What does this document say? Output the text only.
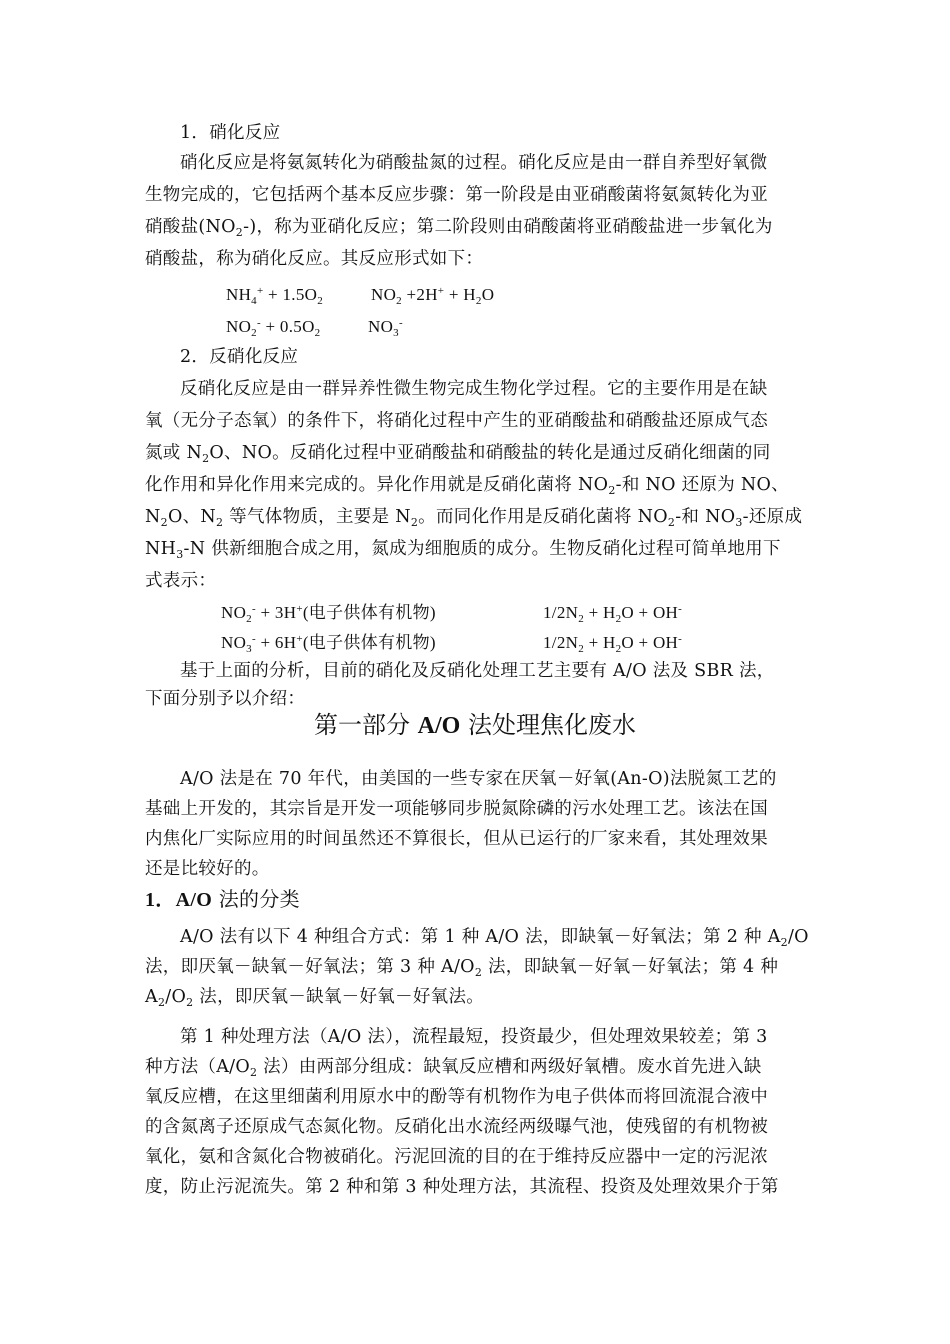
1．硝化反应
硝化反应是将氨氮转化为硝酸盐氮的过程。硝化反应是由一群自养型好氧微
生物完成的，它包括两个基本反应步骤：第一阶段是由亚硝酸菌将氨氮转化为亚
硝酸盐$(NO_2-)$，称为亚硝化反应；第二阶段则由硝酸菌将亚硝酸盐进一步氧化为
硝酸盐，称为硝化反应。其反应形式如下：
$NH_4^+ + 1.5O_2$	$NO_2 +2H^+ + H_2O$
$NO_2^- + 0.5O_2$	$NO_3^-$
2．反硝化反应
反硝化反应是由一群异养性微生物完成生物化学过程。它的主要作用是在缺
氧（无分子态氧）的条件下，将硝化过程中产生的亚硝酸盐和硝酸盐还原成气态
氮或 $N_2O$、NO。反硝化过程中亚硝酸盐和硝酸盐的转化是通过反硝化细菌的同
化作用和异化作用来完成的。异化作用就是反硝化菌将 $NO_2-$和 NO 还原为 NO、
$N_2O$、$N_2$ 等气体物质，主要是 $N_2$。而同化作用是反硝化菌将 $NO_2-$和 $NO_3-$还原成
$NH_3-N$ 供新细胞合成之用，氮成为细胞质的成分。生物反硝化过程可简单地用下
式表示：
$NO_2^- + 3H^+$(电子供体有机物)	$1/2N_2 + H_2O + OH^-$
$NO_3^- + 6H^+$(电子供体有机物)	$1/2N_2 + H_2O + OH^-$
基于上面的分析，目前的硝化及反硝化处理工艺主要有 A/O 法及 SBR 法，
下面分别予以介绍：
第一部分 A/O 法处理焦化废水
A/O 法是在 70 年代，由美国的一些专家在厌氧－好氧(An-O)法脱氮工艺的
基础上开发的，其宗旨是开发一项能够同步脱氮除磷的污水处理工艺。该法在国
内焦化厂实际应用的时间虽然还不算很长，但从已运行的厂家来看，其处理效果
还是比较好的。
1．A/O 法的分类
A/O 法有以下 4 种组合方式：第 1 种 A/O 法，即缺氧－好氧法；第 2 种 $A_2/O$
法，即厌氧－缺氧－好氧法；第 3 种 $A/O_2$ 法，即缺氧－好氧－好氧法；第 4 种
$A_2/O_2$ 法，即厌氧－缺氧－好氧－好氧法。
第 1 种处理方法（A/O 法），流程最短，投资最少，但处理效果较差；第 3
种方法（$A/O_2$ 法）由两部分组成：缺氧反应槽和两级好氧槽。废水首先进入缺
氧反应槽，在这里细菌利用原水中的酚等有机物作为电子供体而将回流混合液中
的含氮离子还原成气态氮化物。反硝化出水流经两级曝气池，使残留的有机物被
氧化，氨和含氮化合物被硝化。污泥回流的目的在于维持反应器中一定的污泥浓
度，防止污泥流失。第 2 种和第 3 种处理方法，其流程、投资及处理效果介于第
